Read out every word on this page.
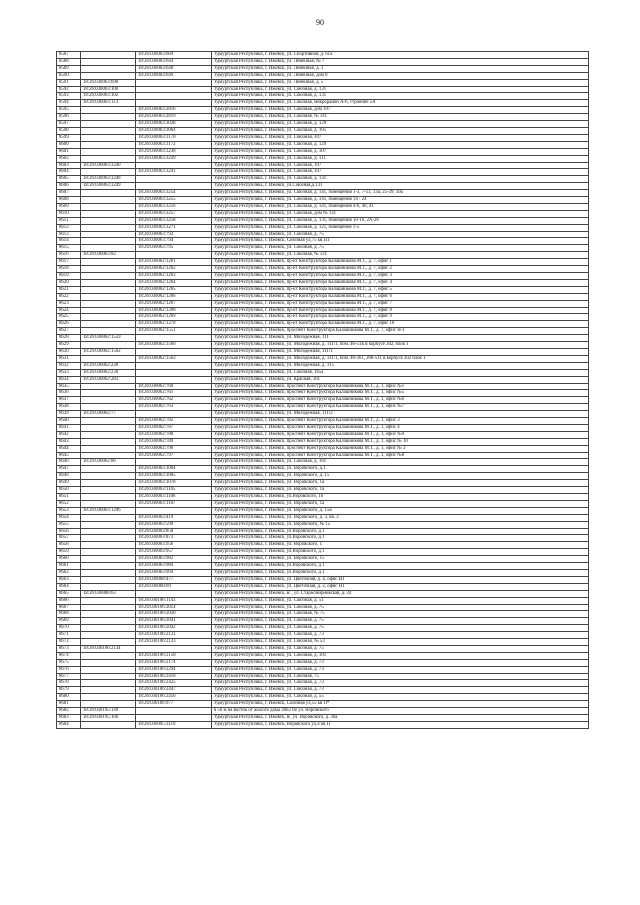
90
8587		18:26:030063:604	Удмуртская Республика, г. Ижевск, ул. Спортивная, д. 61а
8588		18:26:030063:644	Удмуртская Республика, г. Ижевск, ул. Линейная, № 7
8589		18:26:030063:648	Удмуртская Республика, г. Ижевск, ул. Линейная, д. 3
8590		18:26:030063:649	Удмуртская Республика, г. Ижевск, ул. Линейная, дом 8
8591	18:26:030063:690		Удмуртская Республика, г. Ижевск, ул. Линейная, д. 5
8592	18:26:030063:100		Удмуртская Республика, г. Ижевск, ул. Союзная, д. 131
8593	18:26:030063:102		Удмуртская Республика, г. Ижевск, ул. Союзная, д. 131
8594	18:26:030063:113		Удмуртская Республика, г. Ижевск, ул. Союзная, микрорайон А-6, строение 5А
8595		18:26:030063:2816	Удмуртская Республика, г. Ижевск, ул. Союзная, дом 107
8596		18:26:030063:2819	Удмуртская Республика, г. Ижевск, ул. Союзная, № 141
8597		18:26:030063:3028	Удмуртская Республика, г. Ижевск, ул. Союзная, д. 129
8598		18:26:030063:3064	Удмуртская Республика, г. Ижевск, ул. Союзная, д. 105
8599		18:26:030063:3170	Удмуртская Республика, г. Ижевск, ул. Союзная, 107
8600		18:26:030063:3172	Удмуртская Республика, г. Ижевск, ул. Союзная, д. 129
8601		18:26:030063:3238	Удмуртская Республика, г. Ижевск, ул. Союзная, д. 107
8602		18:26:030063:3239	Удмуртская Республика, г. Ижевск, ул. Союзная, д. 111
8603	18:26:030063:3240		Удмуртская Республика, г. Ижевск, ул. Союзная, 107
8604		18:26:030063:3241	Удмуртская Республика, г. Ижевск, ул. Союзная, 107
8605	18:26:030063:3248		Удмуртская Республика, г. Ижевск, ул. Союзная, д. 131
8606	18:26:030063:3249		Удмуртская Республика, г. Ижевск, ул.Союзная,д.131
8607		18:26:030063:3254	Удмуртская Республика, г. Ижевск, ул. Союзная, д. 141, помещения 1-3, 7-13, 13а, 25-39, 39а
8608		18:26:030063:3255	Удмуртская Республика, г. Ижевск, ул. Союзная, д. 141, помещения 14 - 24
8609		18:26:030063:3256	Удмуртская Республика, г. Ижевск, ул. Союзная, д. 141, помещения 4-6, 40, 41
8610		18:26:030063:3257	Удмуртская Республика, г. Ижевск, ул. Союзная, дом № 131
8611		18:26:030063:3258	Удмуртская Республика, г. Ижевск, ул. Союзная, д. 131, помещения 10-16, 2А-26
8612		18:26:030063:3271	Удмуртская Республика, г. Ижевск, ул. Союзная, д. 121, помещение 1-5
8613		18:26:030063:793	Удмуртская Республика, г. Ижевск, ул. Союзная, д. 75
8614		18:26:030063:794	Удмуртская Республика, г. Ижевск, Союзная ул,75 кв П1
8615		18:26:030063:795	Удмуртская Республика, г. Ижевск, ул. Союзная, д. 75
8616	18:26:030063:82		Удмуртская Республика, г. Ижевск, ул. Союзная, № 121
8617		18:26:030062:1261	Удмуртская Республика, г. Ижевск, пр-кт Конструктора Калашникова М.Т., д. 7, офис 1
8618		18:26:030062:1262	Удмуртская Республика, г. Ижевск, пр-кт Конструктора Калашникова М.Т., д. 7, офис 2
8619		18:26:030062:1263	Удмуртская Республика, г. Ижевск, пр-кт Конструктора Калашникова М.Т., д. 7, офис 3
8620		18:26:030062:1264	Удмуртская Республика, г. Ижевск, пр-кт Конструктора Калашникова М.Т., д. 7, офис 4
8621		18:26:030062:1265	Удмуртская Республика, г. Ижевск, пр-кт Конструктора Калашникова М.Т., д. 7, офис 5
8622		18:26:030062:1266	Удмуртская Республика, г. Ижевск, пр-кт Конструктора Калашникова М.Т., д. 7, офис 6
8623		18:26:030062:1267	Удмуртская Республика, г. Ижевск, пр-кт Конструктора Калашникова М.Т., д. 7, офис 7
8624		18:26:030062:1268	Удмуртская Республика, г. Ижевск, пр-кт Конструктора Калашникова М.Т., д. 7, офис 8
8625		18:26:030062:1269	Удмуртская Республика, г. Ижевск, пр-кт Конструктора Калашникова М.Т., д. 7, офис 9
8626		18:26:030062:1270	Удмуртская Республика, г. Ижевск, пр-кт Конструктора Калашникова М.Т., д. 7, офис 10
8627		18:26:030062:1551	Удмуртская Республика, г. Ижевск, проспект Конструктора Калашникова М.Т., д. 7, офис Н-1
8628	18:26:030062:1559		Удмуртская Республика, г. Ижевск, ул. Молодежная, 111
8629		18:26:030062:1560	Удмуртская Республика, г. Ижевск, ул. Молодежная, д. 111/1, пом. 46-51Б в корпусе 202, блок 1
8630	18:26:030062:1562		Удмуртская Республика, г. Ижевск, ул. Молодежная, 111/1
8631		18:26:030062:1563	Удмуртская Республика, г. Ижевск, ул. Молодежная, д. 111/1, пом. 46-261, 268-511 в корпусе 202 блок 1
8632	18:26:030062:228		Удмуртская Республика, г. Ижевск, ул. Молодежная, д. 115
8633	18:26:030062:230		Удмуртская Республика, г. Ижевск, ул. Союзная, 165а
8634	18:26:030062:283		Удмуртская Республика, г. Ижевск, ул. Красная, 161
8635		18:26:030062:760	Удмуртская Республика, г. Ижевск, проспект Конструктора Калашникова М.Т., д. 1, офис №1
8636		18:26:030062:761	Удмуртская Республика, г. Ижевск, проспект Конструктора Калашникова М.Т., д. 1, офис №5
8637		18:26:030062:762	Удмуртская Республика, г. Ижевск, проспект Конструктора Калашникова М.Т., д. 1, офис №6
8638		18:26:030062:763	Удмуртская Республика, г. Ижевск, проспект Конструктора Калашникова М.Т., д. 1, офис №7
8639	18:26:030062:77		Удмуртская Республика, г. Ижевск, ул. Молодежная, 111/2
8640		18:26:030062:782	Удмуртская Республика, г. Ижевск, проспект Конструктора Калашникова М.Т., д. 1, офис 3
8641		18:26:030062:787	Удмуртская Республика, г. Ижевск, проспект Конструктора Калашникова М.Т., д. 1, офис 4
8642		18:26:030062:788	Удмуртская Республика, г. Ижевск, проспект Конструктора Калашникова М.Т., д. 1, офис №9
8643		18:26:030062:789	Удмуртская Республика, г. Ижевск, проспект Конструктора Калашникова М.Т., д. 1, офис № 10
8644		18:26:030062:796	Удмуртская Республика, г. Ижевск, проспект Конструктора Калашникова М.Т., д. 1, офис № 2
8645		18:26:030062:797	Удмуртская Республика, г. Ижевск, проспект Конструктора Калашникова М.Т., д. 1, офис №8
8646	18:26:030062:86		Удмуртская Республика, г. Ижевск, ул. Союзная, д. 161
8647		18:26:030063:1004	Удмуртская Республика, г. Ижевск, ул. Воровского, д.1
8648		18:26:030063:1005	Удмуртская Республика, г. Ижевск, ул. Воровского, д. 15
8649		18:26:030063:1078	Удмуртская Республика, г. Ижевск, ул. Воровского, 1а
8650		18:26:030063:1105	Удмуртская Республика, г. Ижевск, ул. Воровского, 1а
8651		18:26:030063:1106	Удмуртская Республика, г. Ижевск, ул.Воровского, 1б
8652		18:26:030063:1107	Удмуртская Республика, г. Ижевск, ул. Воровского, 1а
8653	18:26:030063:1296		Удмуртская Республика, г. Ижевск, ул. Воровского, д. 15Б
8654		18:26:030063:419	Удмуртская Республика, г. Ижевск, ул. Воровского, д. 3, кв. 2
8655		18:26:030063:599	Удмуртская Республика, г. Ижевск, ул. Воровского, № 15
8656		18:26:030063:858	Удмуртская Республика, г. Ижевск, ул.Воровского, д.1
8657		18:26:030063:873	Удмуртская Республика, г. Ижевск, ул.Воровского, д.1
8658		18:26:030063:956	Удмуртская Республика, г. Ижевск, ул. Воровского, 1
8659		18:26:030063:957	Удмуртская Республика, г. Ижевск, ул.Воровского, д.1
8660		18:26:030063:982	Удмуртская Республика, г. Ижевск, ул. Воровского, 15
8661		18:26:030063:984	Удмуртская Республика, г. Ижевск, ул.Воровского, д.1
8662		18:26:030063:994	Удмуртская Республика, г. Ижевск, ул.Воровского, д.1
8663		18:26:030068:477	Удмуртская Республика, г. Ижевск, ул. Цветочная, д. 4, офис Н1
8664		18:26:030068:69	Удмуртская Республика, г. Ижевск, ул. Цветочная, д. 2, офис Н1
8665	18:26:030088:63		Удмуртская Республика, г. Ижевск, в/ , ул. Старосмирновская, д. 24
8666		18:26:030106:1143	Удмуртская Республика, г. Ижевск, ул. Союзная, д. 51
8667		18:26:030106:2014	Удмуртская Республика, г. Ижевск, ул. Союзная, д. 75
8668		18:26:030106:2020	Удмуртская Республика, г. Ижевск, ул. Союзная, № 75
8669		18:26:030106:2041	Удмуртская Республика, г. Ижевск, ул. Союзная, д. 75
8670		18:26:030106:2042	Удмуртская Республика, г. Ижевск, ул. Союзная, д. 75
8671		18:26:030106:2131	Удмуртская Республика, г. Ижевск, ул. Союзная, д. 73
8672		18:26:030106:2133	Удмуртская Республика, г. Ижевск, ул. Союзная, № 53
8673	18:26:030106:2134		Удмуртская Республика, г. Ижевск, ул. Союзная, д. 75
8674		18:26:030106:2158	Удмуртская Республика, г. Ижевск, ул. Союзная, д. 101
8675		18:26:030106:2174	Удмуртская Республика, г. Ижевск, ул. Союзная, д. 73
8676		18:26:030106:2294	Удмуртская Республика, г. Ижевск, ул. Союзная, д. 73
8677		18:26:030106:2410	Удмуртская Республика, г. Ижевск, ул. Союзная, 75
8678		18:26:030106:2425	Удмуртская Республика, г. Ижевск, ул. Союзная, д. 73
8679		18:26:030106:2447	Удмуртская Республика, г. Ижевск, ул. Союзная, д. 73
8680		18:26:030106:2450	Удмуртская Республика, г. Ижевск, ул. Союзная, д. 55
8681		18:26:030106:977	Удмуртская Республика, г. Ижевск, Союзная ул,55 кв П*
8682	18:26:030195:149		в 50 м на восток от жилого дома 30б2 по ул. Воровского
8683	18:26:030195:166		Удмуртская Республика, г. Ижевск, в/, ул. Воровского, д. 30а
8684		18:26:030095:3119	Удмуртская Республика, г. Ижевск, Воровского ул,4 кв П
